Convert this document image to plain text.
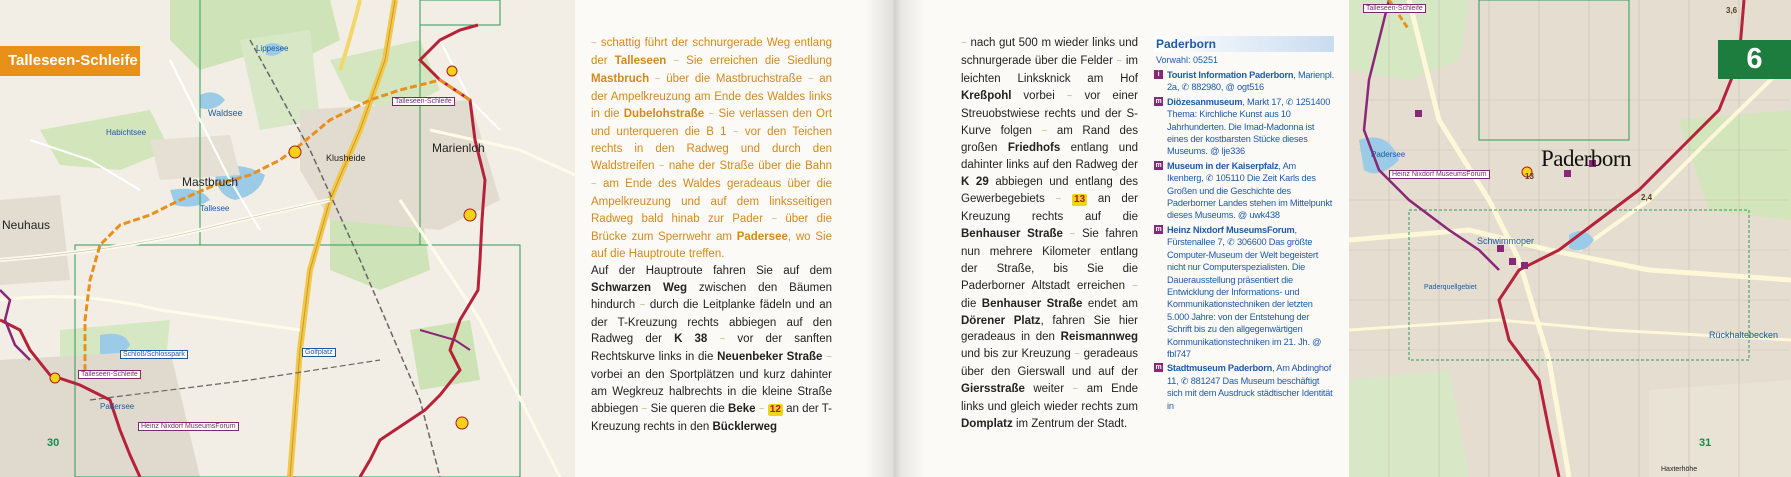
Talleseen-Schleife
Waldsee
Habichtsee
Mastbruch
Tallesee
Neuhaus
Marienloh
Klusheide
Padersee
Lippesee
Talleseen-Schleife
Talleseen-Schleife
Heinz Nixdorf MuseumsForum
Schloß/Schlosspark	Golfplatz
30
~ schattig führt der schnurgerade Weg entlang der Talleseen ~ Sie erreichen die Siedlung Mastbruch ~ über die Mastbruchstraße ~ an der Ampelkreuzung am Ende des Waldes links in die Dubelohstraße ~ Sie verlassen den Ort und unterqueren die B 1 ~ vor den Teichen rechts in den Radweg und durch den Waldstreifen ~ nahe der Straße über die Bahn ~ am Ende des Waldes geradeaus über die Ampelkreuzung und auf dem linksseitigen Radweg bald hinab zur Pader ~ über die Brücke zum Sperrwehr am Padersee, wo Sie auf die Hauptroute treffen.
Auf der Hauptroute fahren Sie auf dem Schwarzen Weg zwischen den Bäumen hindurch ~ durch die Leitplanke fädeln und an der T-Kreuzung rechts abbiegen auf den Radweg der K 38 ~ vor der sanften Rechtskurve links in die Neuenbeker Straße ~ vorbei an den Sportplätzen und kurz dahinter am Wegkreuz halbrechts in die kleine Straße abbiegen ~ Sie queren die Beke ~ 12 an der T-Kreuzung rechts in den Bücklerweg
~ nach gut 500 m wieder links und schnurgerade über die Felder ~ im leichten Linksknick am Hof Kreßpohl vorbei ~ vor einer Streuobstwiese rechts und der S-Kurve folgen ~ am Rand des großen Friedhofs entlang und dahinter links auf den Radweg der K 29 abbiegen und entlang des Gewerbegebiets ~ 13 an der Kreuzung rechts auf die Benhauser Straße ~ Sie fahren nun mehrere Kilometer entlang der Straße, bis Sie die Paderborner Altstadt erreichen ~ die Benhauser Straße endet am Dörener Platz, fahren Sie hier geradeaus in den Reismannweg und bis zur Kreuzung ~ geradeaus über den Gierswall und auf der Giersstraße weiter ~ am Ende links und gleich wieder rechts zum Domplatz im Zentrum der Stadt.
Paderborn
Vorwahl: 05251
i Tourist Information Paderborn, Marienpl. 2a, ✆ 882980, @ ogt516
m Diözesanmuseum, Markt 17, ✆ 1251400 Thema: Kirchliche Kunst aus 10 Jahrhunderten. Die Imad-Madonna ist eines der kostbarsten Stücke dieses Museums. @ lje336
m Museum in der Kaiserpfalz, Am Ikenberg, ✆ 105110 Die Zeit Karls des Großen und die Geschichte des Paderborner Landes stehen im Mittelpunkt dieses Museums. @ uwk438
m Heinz Nixdorf MuseumsForum, Fürstenallee 7, ✆ 306600 Das größte Computer-Museum der Welt begeistert nicht nur Computerspezialisten. Die Dauerausstellung präsentiert die Entwicklung der Informations- und Kommunikationstechniken der letzten 5.000 Jahre: von der Entstehung der Schrift bis zu den allgegenwärtigen Kommunikationstechniken im 21. Jh. @ fbl747
m Stadtmuseum Paderborn, Am Abdinghof 11, ✆ 881247 Das Museum beschäftigt sich mit dem Ausdruck städtischer Identität in
Paderborn
Padersee
Heinz Nixdorf MuseumsForum
Talleseen-Schleife
Schwimmoper
Paderquellgebiet
Rückhaltebecken
Haxterhöhe
3,6
2,4
13
31
6
